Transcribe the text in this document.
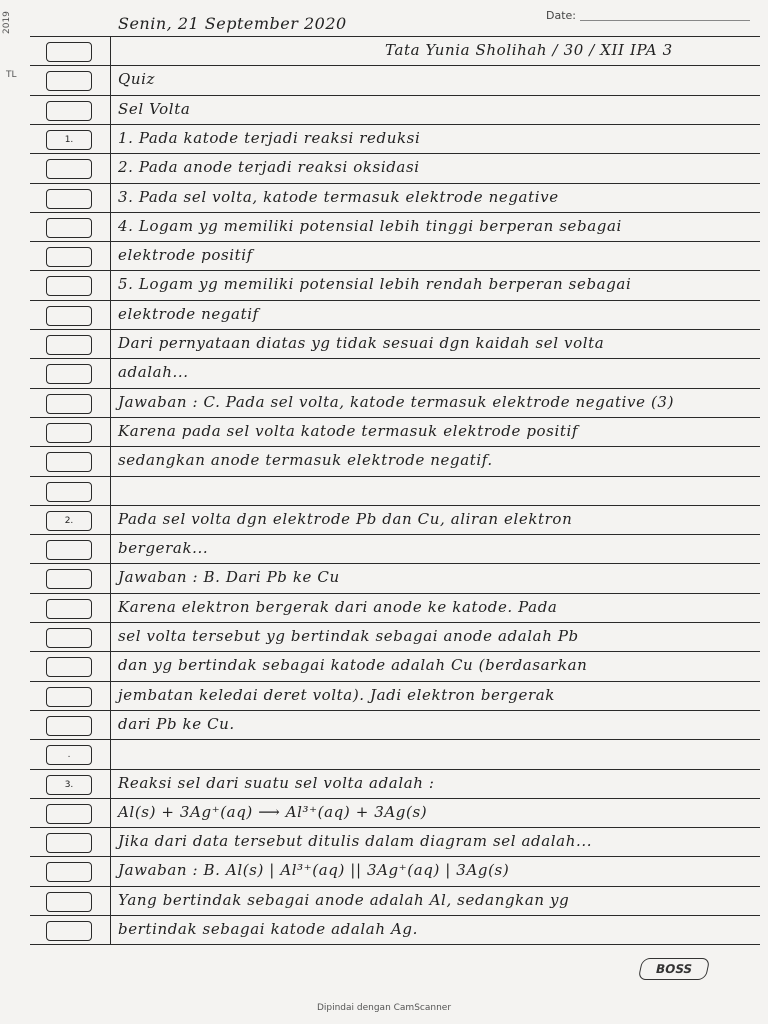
2019
TL
Date:
Senin, 21 September 2020
Tata Yunia Sholihah / 30 / XII IPA 3
Quiz
Sel Volta
1.	1. Pada katode terjadi reaksi reduksi
2. Pada anode terjadi reaksi oksidasi
3. Pada sel volta, katode termasuk elektrode negative
4. Logam yg memiliki potensial lebih tinggi berperan sebagai
elektrode positif
5. Logam yg memiliki potensial lebih rendah berperan sebagai
elektrode negatif
Dari pernyataan diatas yg tidak sesuai dgn kaidah sel volta
adalah...
Jawaban : C. Pada sel volta, katode termasuk elektrode negative (3)
Karena pada sel volta katode termasuk elektrode positif
sedangkan anode termasuk elektrode negatif.
2.	Pada sel volta dgn elektrode Pb dan Cu, aliran elektron
bergerak...
Jawaban : B. Dari Pb ke Cu
Karena elektron bergerak dari anode ke katode. Pada
sel volta tersebut yg bertindak sebagai anode adalah Pb
dan yg bertindak sebagai katode adalah Cu (berdasarkan
jembatan keledai deret volta). Jadi elektron bergerak
dari Pb ke Cu.
.
3.	Reaksi sel dari suatu sel volta adalah :
Al(s) + 3Ag⁺(aq) ⟶ Al³⁺(aq) + 3Ag(s)
Jika dari data tersebut ditulis dalam diagram sel adalah...
Jawaban : B. Al(s) | Al³⁺(aq) || 3Ag⁺(aq) | 3Ag(s)
Yang bertindak sebagai anode adalah Al, sedangkan yg
bertindak sebagai katode adalah Ag.
BOSS
Dipindai dengan CamScanner
